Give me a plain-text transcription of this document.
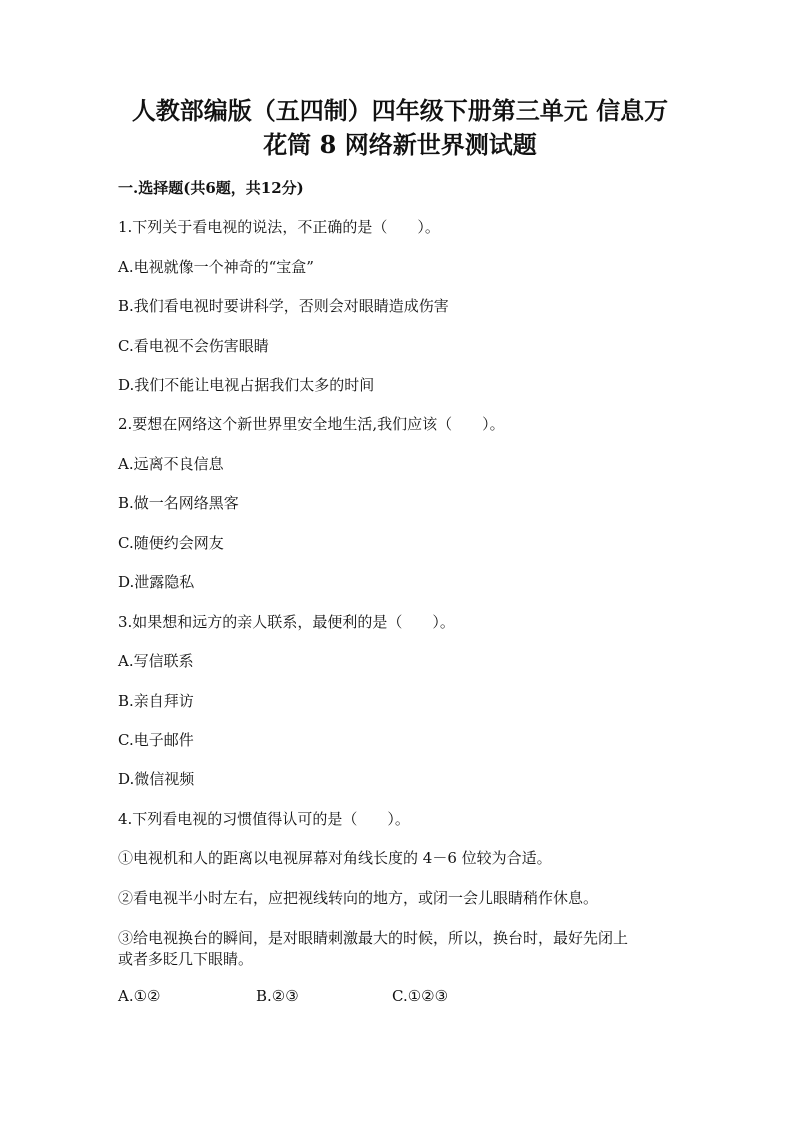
人教部编版（五四制）四年级下册第三单元 信息万
花筒 8 网络新世界测试题
一.选择题(共6题，共12分)
1.下列关于看电视的说法，不正确的是（　　）。
A.电视就像一个神奇的“宝盒”
B.我们看电视时要讲科学，否则会对眼睛造成伤害
C.看电视不会伤害眼睛
D.我们不能让电视占据我们太多的时间
2.要想在网络这个新世界里安全地生活,我们应该（　　）。
A.远离不良信息
B.做一名网络黑客
C.随便约会网友
D.泄露隐私
3.如果想和远方的亲人联系，最便利的是（　　）。
A.写信联系
B.亲自拜访
C.电子邮件
D.微信视频
4.下列看电视的习惯值得认可的是（　　）。
①电视机和人的距离以电视屏幕对角线长度的 4－6 位较为合适。
②看电视半小时左右，应把视线转向的地方，或闭一会儿眼睛稍作休息。
③给电视换台的瞬间，是对眼睛刺激最大的时候，所以，换台时，最好先闭上
或者多眨几下眼睛。
A.①②	B.②③	C.①②③
